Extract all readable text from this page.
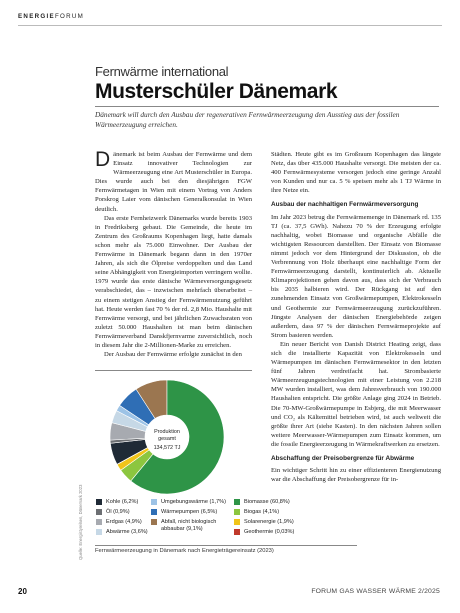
ENERGIEFORUM
Fernwärme international
Musterschüler Dänemark
Dänemark will durch den Ausbau der regenerativen Fernwärmeerzeugung den Ausstieg aus der fossilen Wärmeerzeugung erreichen.

Dänemark ist beim Ausbau der Fernwärme und dem Einsatz innovativer Technologien zur Wärmeerzeugung eine Art Musterschüler in Europa. Dies wurde auch bei den diesjährigen FGW Fernwärmetagen in Wien mit einem Vortrag von Anders Porskrog Laier vom dänischen Generalkonsulat in Wien deutlich.

Das erste Fernheizwerk Dänemarks wurde bereits 1903 in Fredriksberg gebaut. Die Gemeinde, die heute im Zentrum des Großraums Kopenhagen liegt, hatte damals schon mehr als 75.000 Einwohner. Der Ausbau der Fernwärme in Dänemark begann dann in den 1970er Jahren, als sich die Ölpreise verdoppelten und das Land seine Abhängigkeit von Energieimporten verringern wollte. 1979 wurde das erste dänische Wärmeversorgungsgesetz verabschiedet, das – inzwischen mehrfach überarbeitet – zu einem stetigen Anstieg der Fernwärmenutzung geführt hat. Heute werden fast 70 % der rd. 2,8 Mio. Haushalte mit Fernwärme versorgt, und bei jährlichen Zuwachsraten von zuletzt 50.000 Haushalten ist man beim dänischen Fernwärmeverband Danskfjernvarme zuversichtlich, noch in diesem Jahr die 2-Millionen-Marke zu erreichen.

Der Ausbau der Fernwärme erfolgte zunächst in den

Städten. Heute gibt es im Großraum Kopenhagen das längste Netz, das über 435.000 Haushalte versorgt. Die meisten der ca. 400 Fernwärmesysteme versorgen jedoch eine geringe Anzahl von Kunden und nur ca. 5 % speisen mehr als 1 TJ Wärme in ihre Netze ein.

Ausbau der nachhaltigen Fernwärmeversorgung

Im Jahr 2023 betrug die Fernwärmemenge in Dänemark rd. 135 TJ (ca. 37,5 GWh). Nahezu 70 % der Erzeugung erfolgte nachhaltig, wobei Biomasse und organische Abfälle die wichtigsten Ressourcen darstellten. Der Einsatz von Biomasse nimmt jedoch vor dem Hintergrund der Diskussion, ob die Verbrennung von Holz überhaupt eine nachhaltige Form der Fernwärmeerzeugung darstellt, kontinuierlich ab. Aktuelle Klimaprojektionen gehen davon aus, dass sich der Verbrauch bis 2035 halbieren wird. Der Rückgang ist auf den zunehmenden Einsatz von Großwärmepumpen, Elektrokesseln und Geothermie zur Fernwärmeerzeugung zurückzuführen. Jüngste Analysen der dänischen Energiebehörde zeigen außerdem, dass 97 % der dänischen Fernwärmeprojekte auf Strom basieren werden.

Ein neuer Bericht von Danish District Heating zeigt, dass sich die installierte Kapazität von Elektrokesseln und Wärmepumpen im dänischen Fernwärmesektor in den letzten fünf Jahren verdreifacht hat. Strombasierte Wärmeerzeugungstechnologien mit einer Leistung von 2.218 MW wurden installiert, was dem Jahresverbrauch von 190.000 Haushalten entspricht. Die größte Anlage ging 2024 in Betrieb. Die 70-MW-Großwärmepumpe in Esbjerg, die mit Meerwasser und CO₂ als Kältemittel betrieben wird, ist auch weltweit die größte ihrer Art (siehe Kasten). In den nächsten Jahren sollen weitere Meerwasser-Wärmepumpen zum Einsatz kommen, um die fossile Energieerzeugung in Wärmekraftwerken zu ersetzen.

Abschaffung der Preisobergrenze für Abwärme

Ein wichtiger Schritt hin zu einer effizienteren Energienutzung war die Abschaffung der Preisobergrenze für in-

Produktion gesamt
134,572 TJ
Quelle: Energistyrelsen, Dänemark 2023	Kohle (6,2%)
Öl (0,9%)
Erdgas (4,9%)
Abwärme (3,6%)
Umgebungswärme (1,7%)
Wärmepumpen (6,5%)
Abfall, nicht biologisch
abbaubar (9,1%)
Biomasse (60,8%)
Biogas (4,1%)
Solarenergie (1,9%)
Geothermie (0,03%)
Fernwärmeerzeugung in Dänemark nach Energieträgereinsatz (2023)
20	FORUM GAS WASSER WÄRME 2/2025
